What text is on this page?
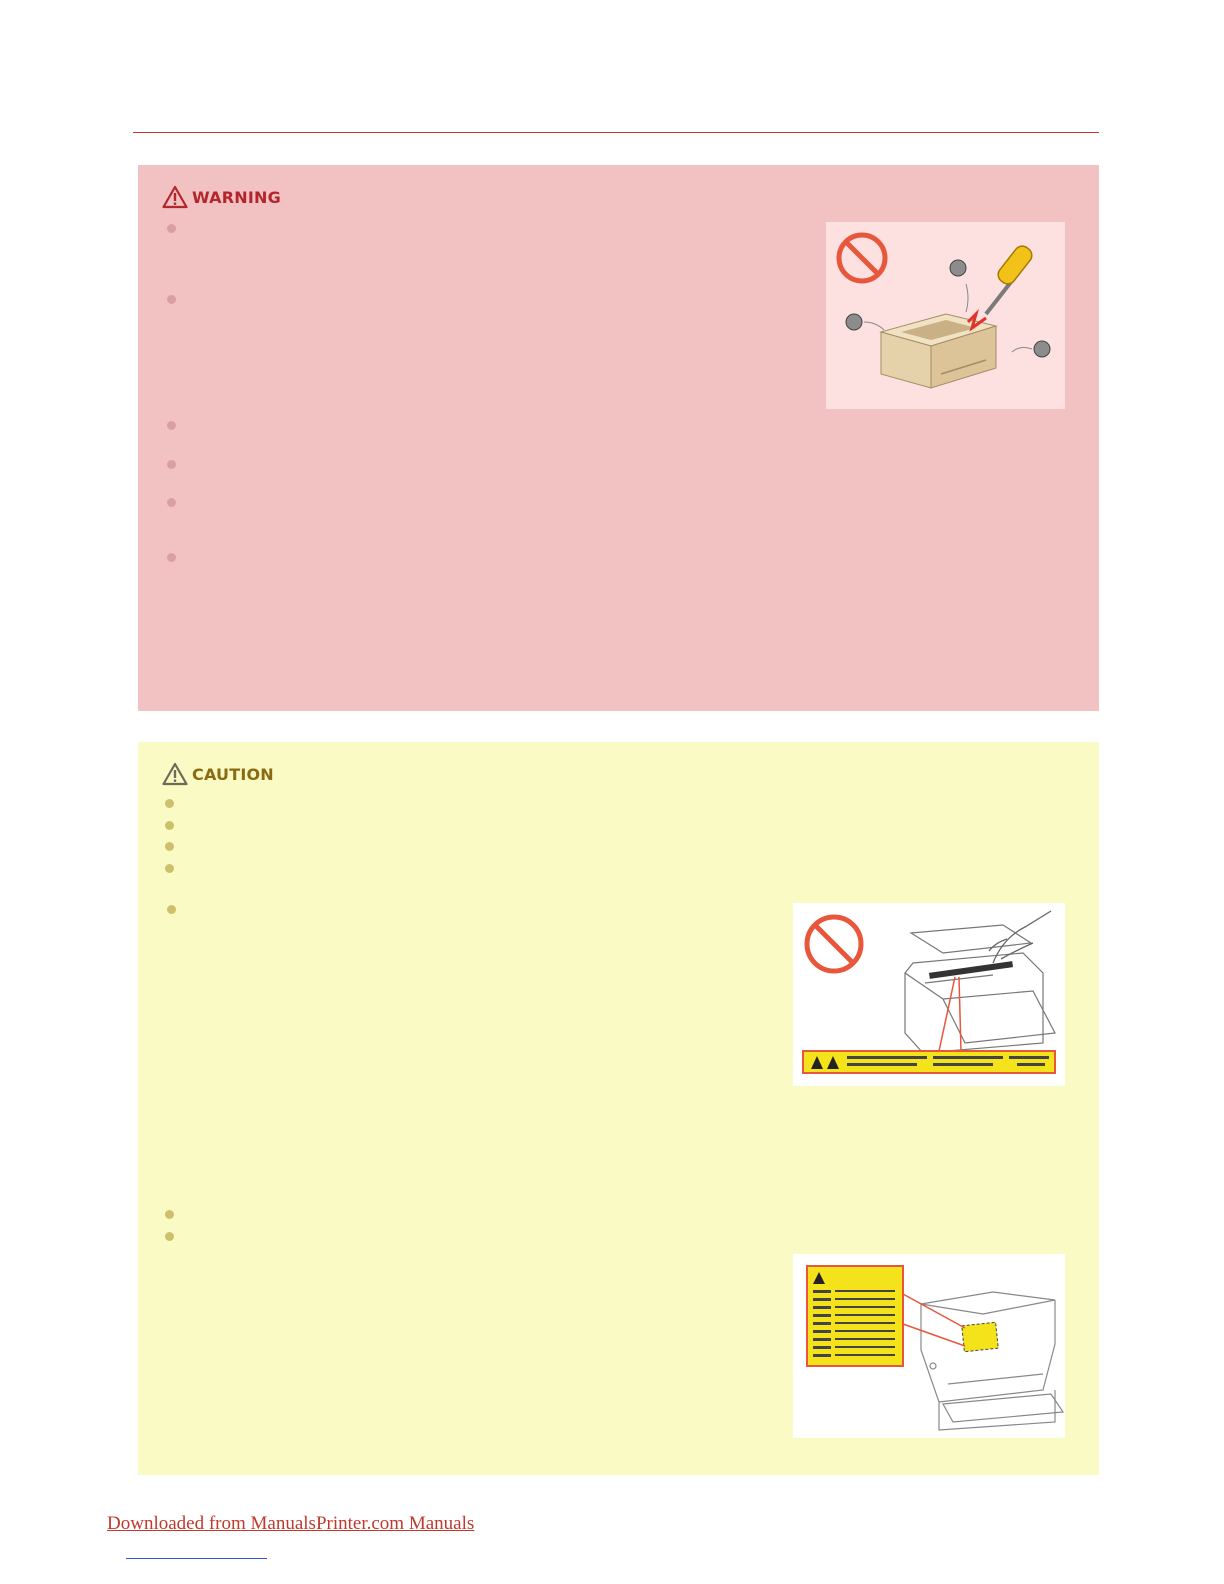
WARNING
CAUTION
Downloaded from ManualsPrinter.com Manuals
